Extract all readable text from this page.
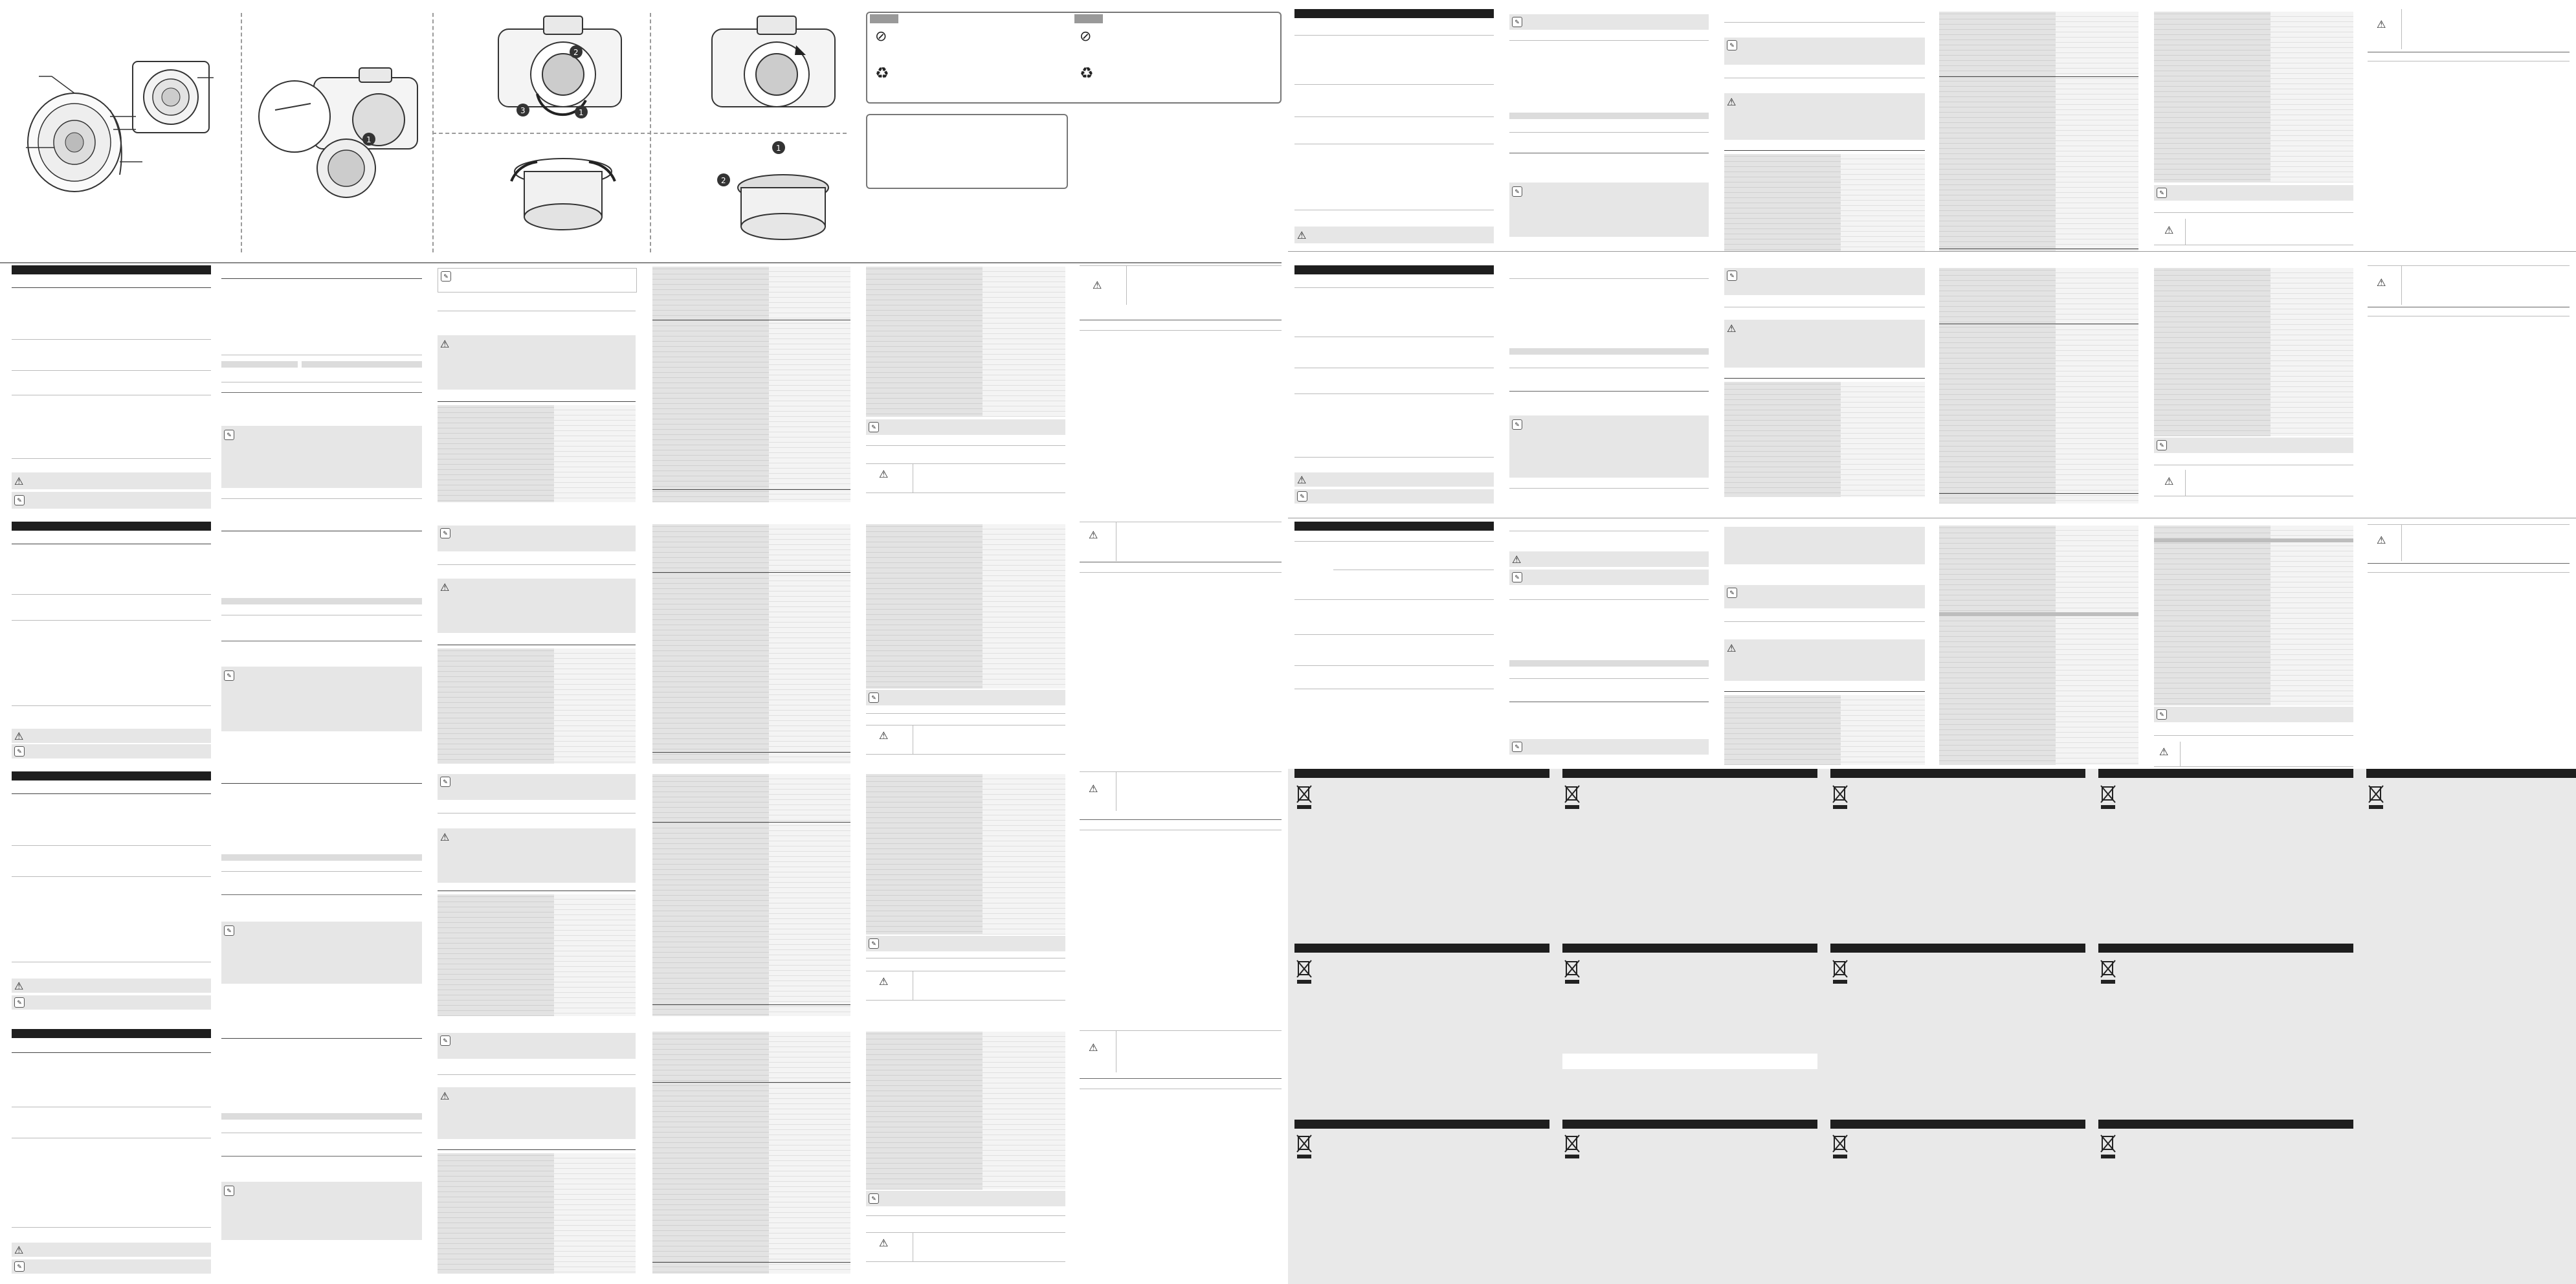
1
2
3	1
1
2
⊘
♻
⊘
♻
⚠
✎
✎
✎
⚠
✎
⚠
⚠
⚠
✎
✎
✎
⚠
✎
⚠
⚠
⚠
✎
✎
✎
⚠
✎
⚠
⚠
⚠
✎
✎
✎
⚠
✎
⚠
⚠
⚠
✎
✎
✎
⚠
✎
⚠
⚠
⚠
✎
✎
✎
⚠
✎
⚠
⚠
⚠
✎
✎
✎
⚠
✎
⚠
⚠
